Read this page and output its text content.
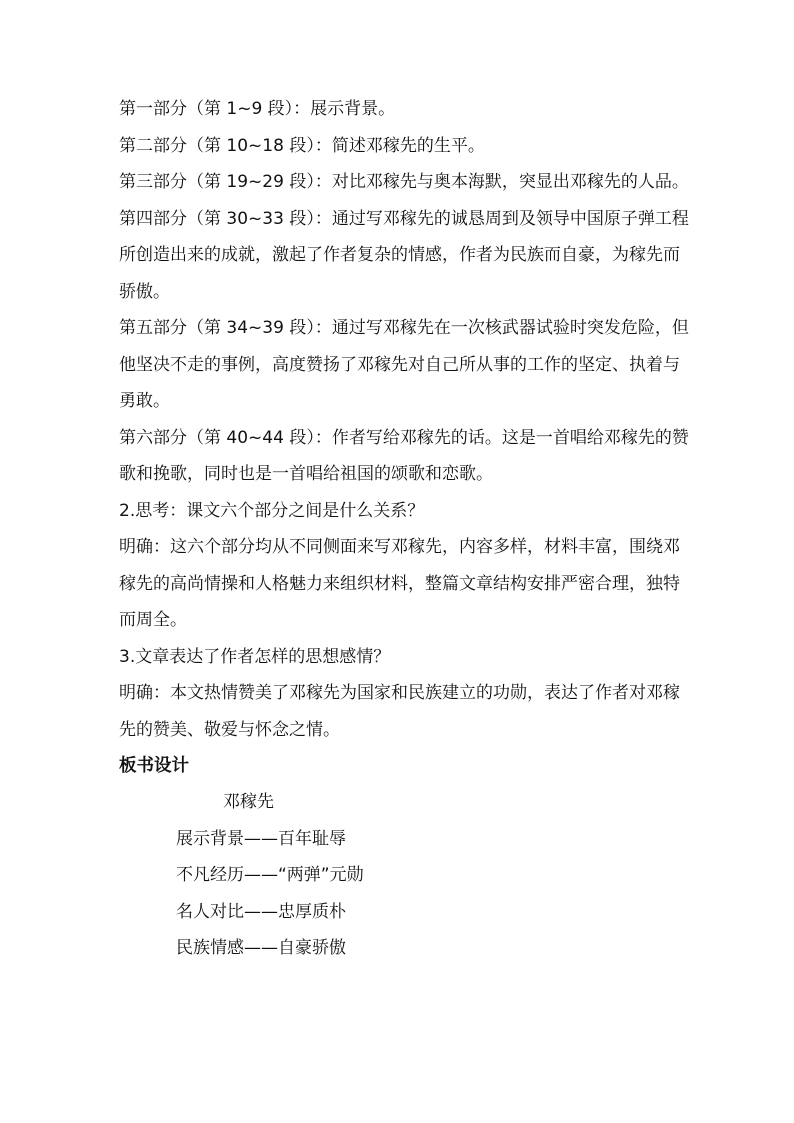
第一部分（第 1~9 段）：展示背景。

第二部分（第 10~18 段）：简述邓稼先的生平。

第三部分（第 19~29 段）：对比邓稼先与奥本海默，突显出邓稼先的人品。

第四部分（第 30~33 段）：通过写邓稼先的诚恳周到及领导中国原子弹工程所创造出来的成就，激起了作者复杂的情感，作者为民族而自豪，为稼先而骄傲。

第五部分（第 34~39 段）：通过写邓稼先在一次核武器试验时突发危险，但他坚决不走的事例，高度赞扬了邓稼先对自己所从事的工作的坚定、执着与勇敢。

第六部分（第 40~44 段）：作者写给邓稼先的话。这是一首唱给邓稼先的赞歌和挽歌，同时也是一首唱给祖国的颂歌和恋歌。

2.思考：课文六个部分之间是什么关系？

明确：这六个部分均从不同侧面来写邓稼先，内容多样，材料丰富，围绕邓稼先的高尚情操和人格魅力来组织材料，整篇文章结构安排严密合理，独特而周全。

3.文章表达了作者怎样的思想感情？

明确：本文热情赞美了邓稼先为国家和民族建立的功勋，表达了作者对邓稼先的赞美、敬爱与怀念之情。

板书设计

邓稼先

展示背景——百年耻辱

不凡经历——“两弹”元勋

名人对比——忠厚质朴

民族情感——自豪骄傲
